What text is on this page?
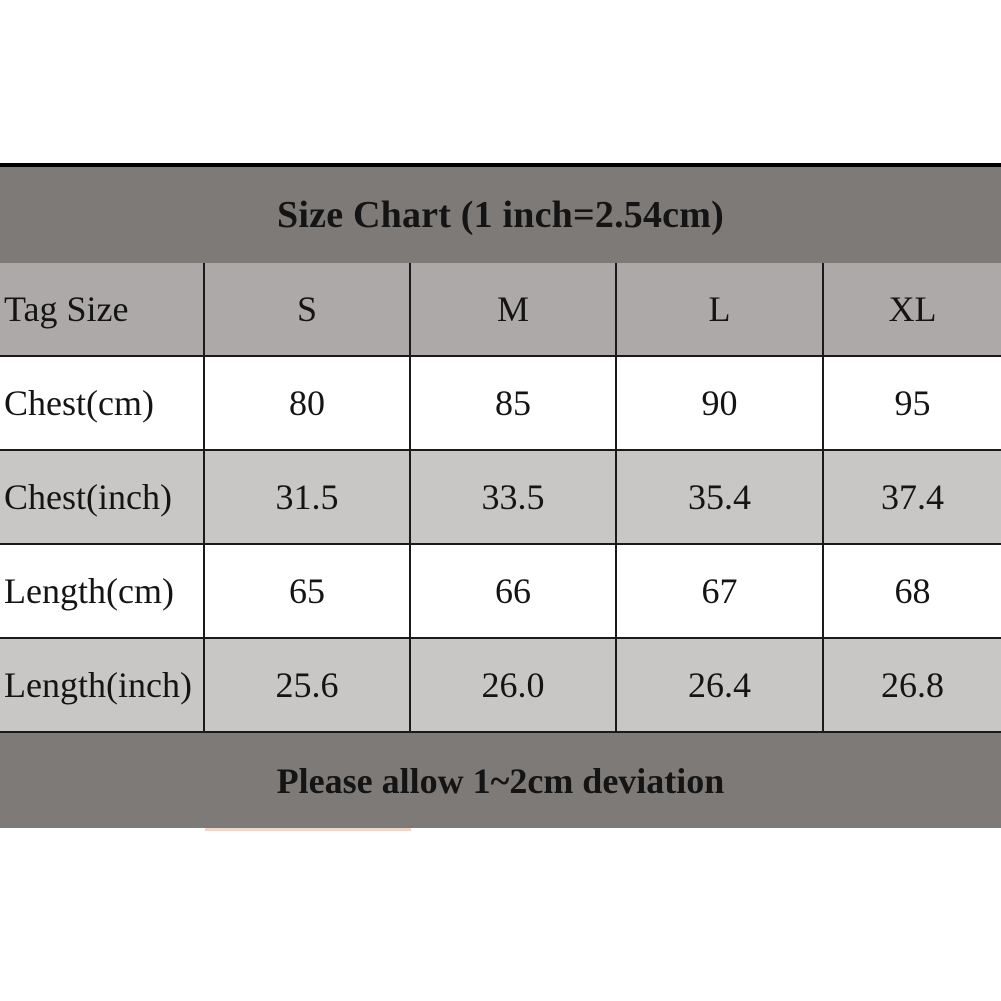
Size Chart (1 inch=2.54cm)
Tag Size	S	M	L	XL
Chest(cm)	80	85	90	95
Chest(inch)	31.5	33.5	35.4	37.4
Length(cm)	65	66	67	68
Length(inch)	25.6	26.0	26.4	26.8
Please allow 1~2cm deviation
